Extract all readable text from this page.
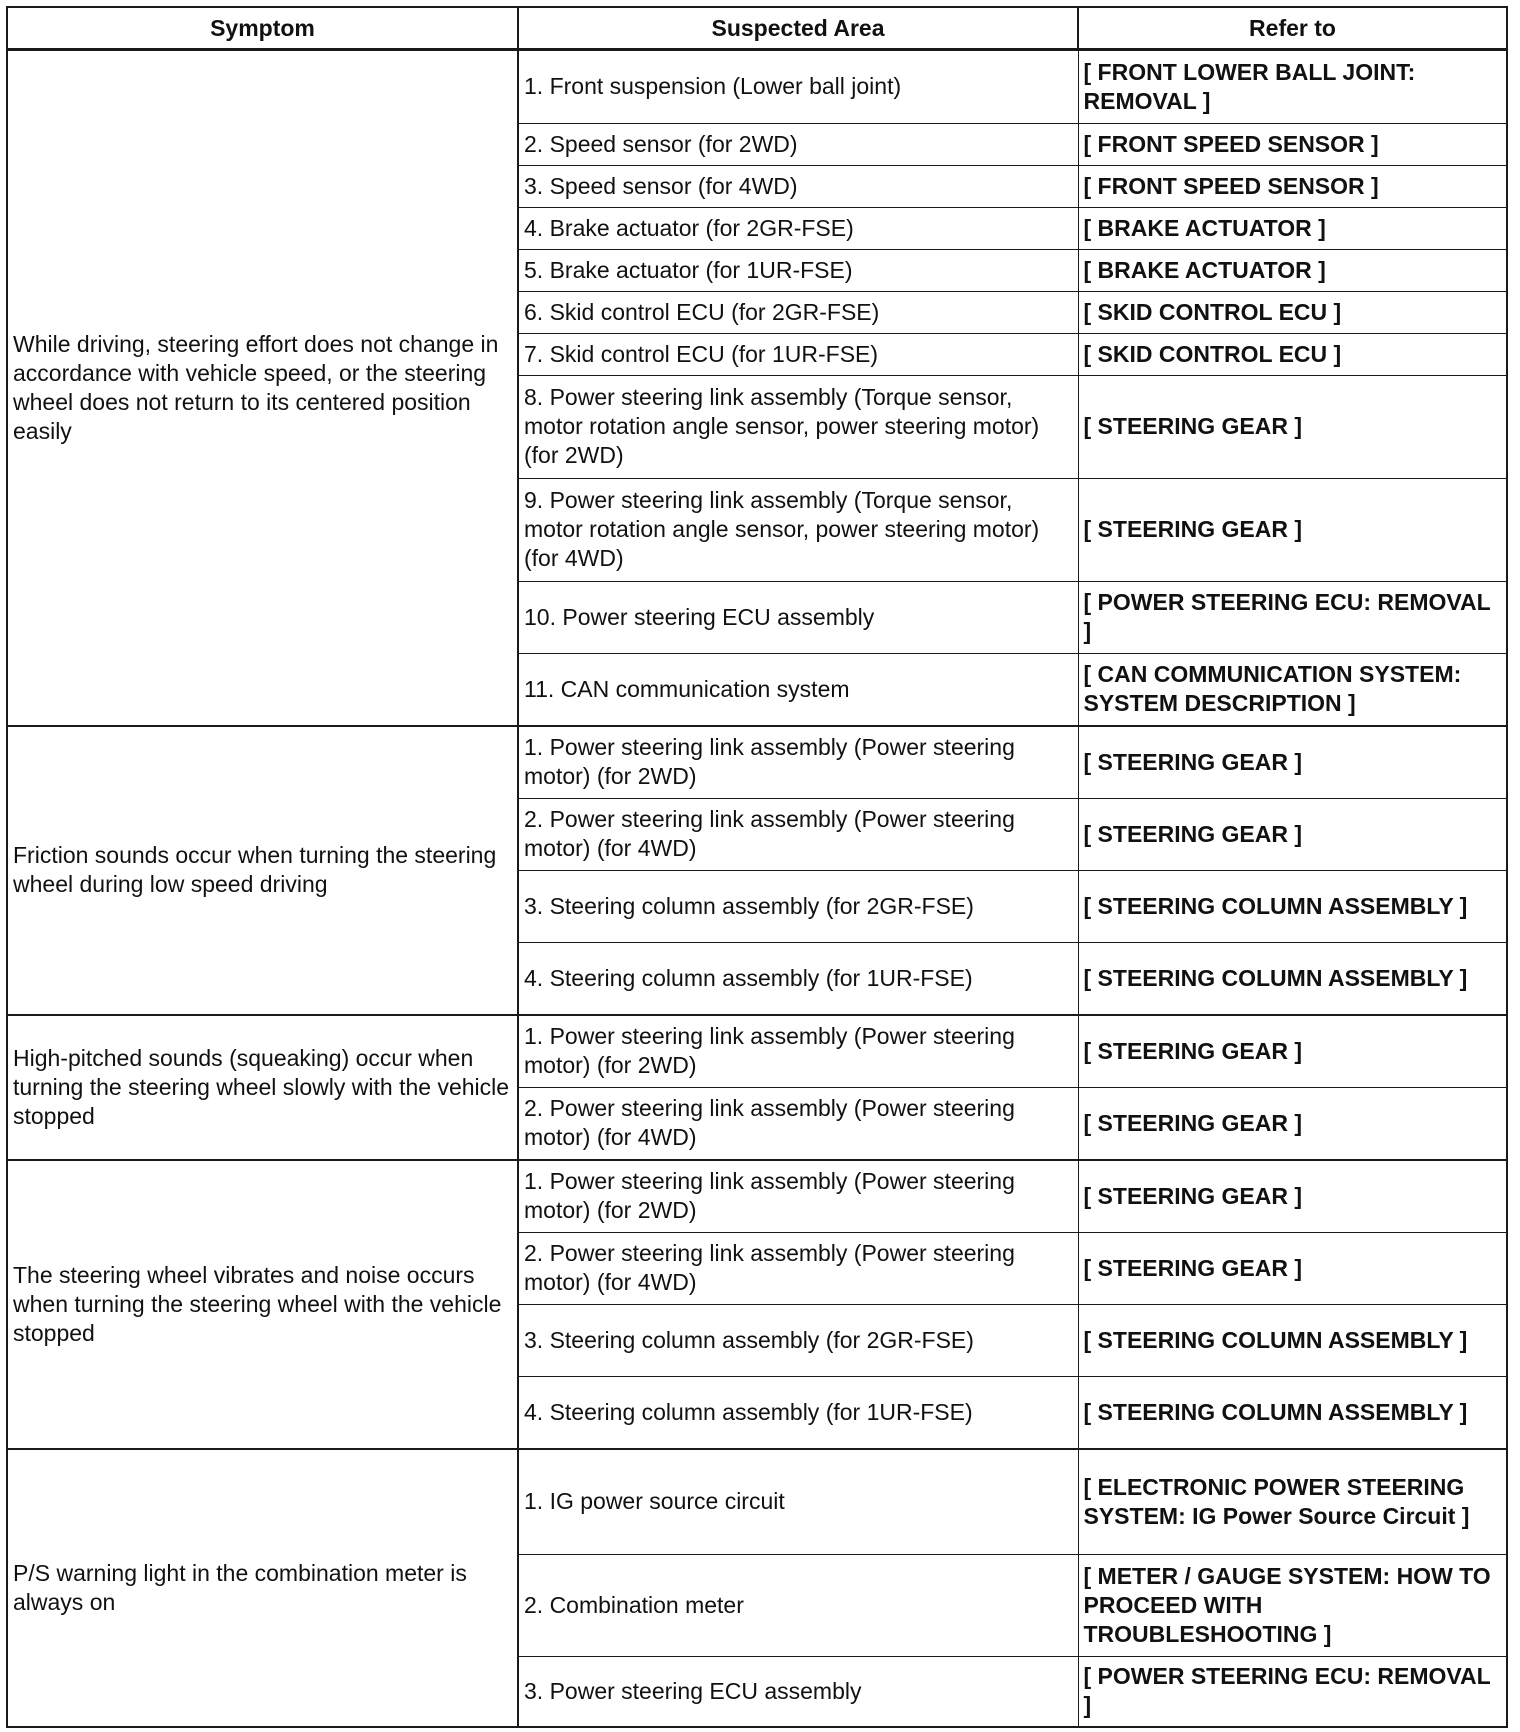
Symptom	Suspected Area	Refer to
While driving, steering effort does not change in accordance with vehicle speed, or the steering wheel does not return to its centered position easily	1. Front suspension (Lower ball joint)	[ FRONT LOWER BALL JOINT: REMOVAL ]
	2. Speed sensor (for 2WD)	[ FRONT SPEED SENSOR ]
	3. Speed sensor (for 4WD)	[ FRONT SPEED SENSOR ]
	4. Brake actuator (for 2GR-FSE)	[ BRAKE ACTUATOR ]
	5. Brake actuator (for 1UR-FSE)	[ BRAKE ACTUATOR ]
	6. Skid control ECU (for 2GR-FSE)	[ SKID CONTROL ECU ]
	7. Skid control ECU (for 1UR-FSE)	[ SKID CONTROL ECU ]
	8. Power steering link assembly (Torque sensor, motor rotation angle sensor, power steering motor) (for 2WD)	[ STEERING GEAR ]
	9. Power steering link assembly (Torque sensor, motor rotation angle sensor, power steering motor) (for 4WD)	[ STEERING GEAR ]
	10. Power steering ECU assembly	[ POWER STEERING ECU: REMOVAL ]
	11. CAN communication system	[ CAN COMMUNICATION SYSTEM: SYSTEM DESCRIPTION ]
Friction sounds occur when turning the steering wheel during low speed driving	1. Power steering link assembly (Power steering motor) (for 2WD)	[ STEERING GEAR ]
	2. Power steering link assembly (Power steering motor) (for 4WD)	[ STEERING GEAR ]
	3. Steering column assembly (for 2GR-FSE)	[ STEERING COLUMN ASSEMBLY ]
	4. Steering column assembly (for 1UR-FSE)	[ STEERING COLUMN ASSEMBLY ]
High-pitched sounds (squeaking) occur when turning the steering wheel slowly with the vehicle stopped	1. Power steering link assembly (Power steering motor) (for 2WD)	[ STEERING GEAR ]
	2. Power steering link assembly (Power steering motor) (for 4WD)	[ STEERING GEAR ]
The steering wheel vibrates and noise occurs when turning the steering wheel with the vehicle stopped	1. Power steering link assembly (Power steering motor) (for 2WD)	[ STEERING GEAR ]
	2. Power steering link assembly (Power steering motor) (for 4WD)	[ STEERING GEAR ]
	3. Steering column assembly (for 2GR-FSE)	[ STEERING COLUMN ASSEMBLY ]
	4. Steering column assembly (for 1UR-FSE)	[ STEERING COLUMN ASSEMBLY ]
P/S warning light in the combination meter is always on	1. IG power source circuit	[ ELECTRONIC POWER STEERING SYSTEM: IG Power Source Circuit ]
	2. Combination meter	[ METER / GAUGE SYSTEM: HOW TO PROCEED WITH TROUBLESHOOTING ]
	3. Power steering ECU assembly	[ POWER STEERING ECU: REMOVAL ]
